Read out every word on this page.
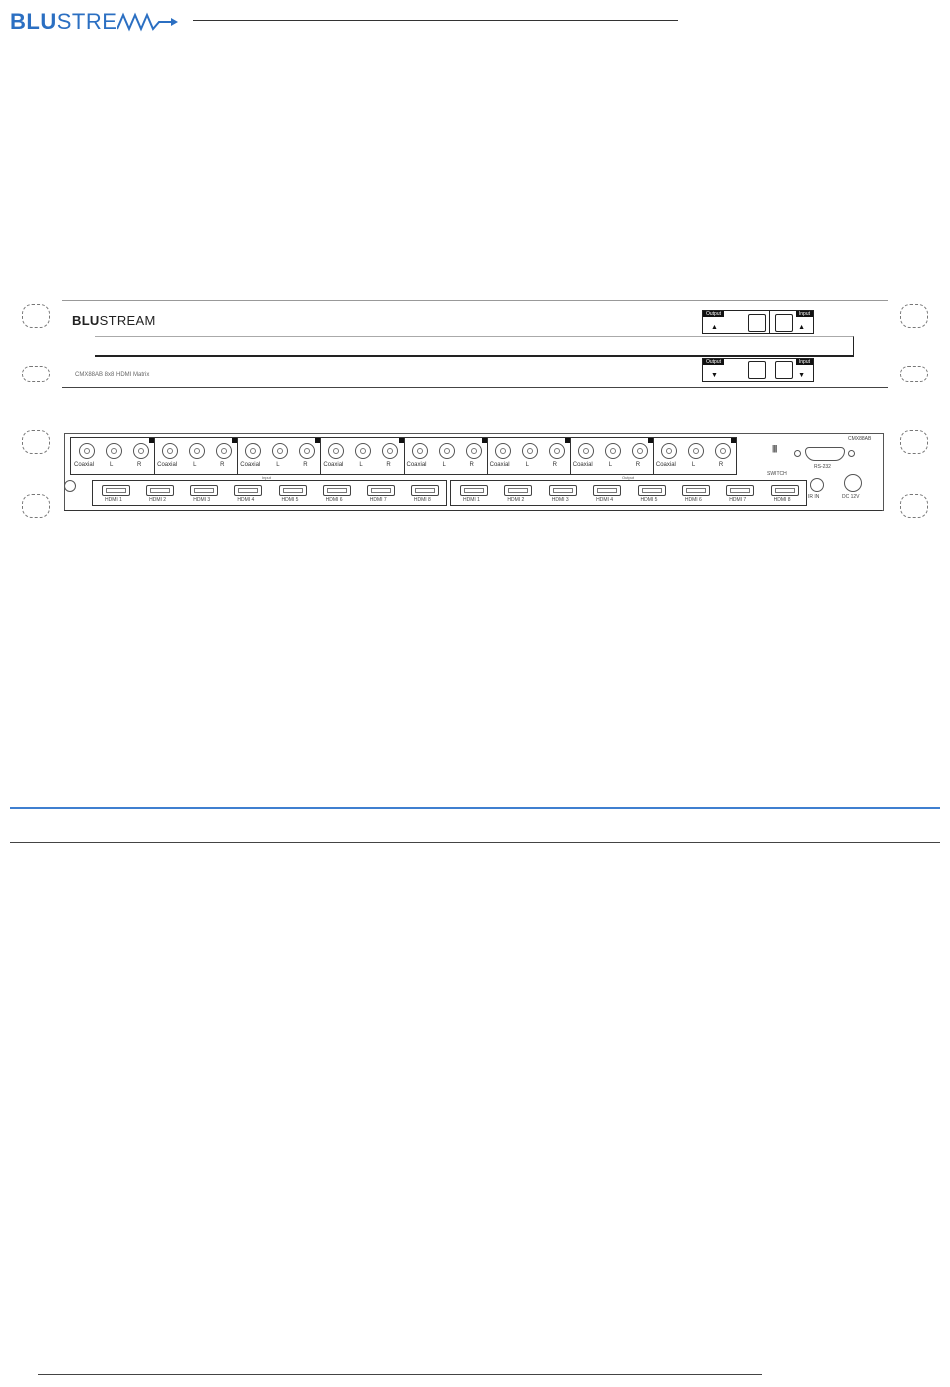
BLU STRE
BLUSTREAM
CMX88AB 8x8 HDMI Matrix
Output
▲
Input
▲
Output
▼
Input
▼
Coaxial	L	R	Coaxial	L	R	Coaxial	L	R	Coaxial	L	R	Coaxial	L	R	Coaxial	L	R	Coaxial	L	R	Coaxial	L	R
Input	Output
HDMI 1	HDMI 2	HDMI 3	HDMI 4	HDMI 5	HDMI 6	HDMI 7	HDMI 8	HDMI 1	HDMI 2	HDMI 3	HDMI 4	HDMI 5	HDMI 6	HDMI 7	HDMI 8
CMX88AB
||||
SWITCH
RS-232
IR IN	DC 12V
